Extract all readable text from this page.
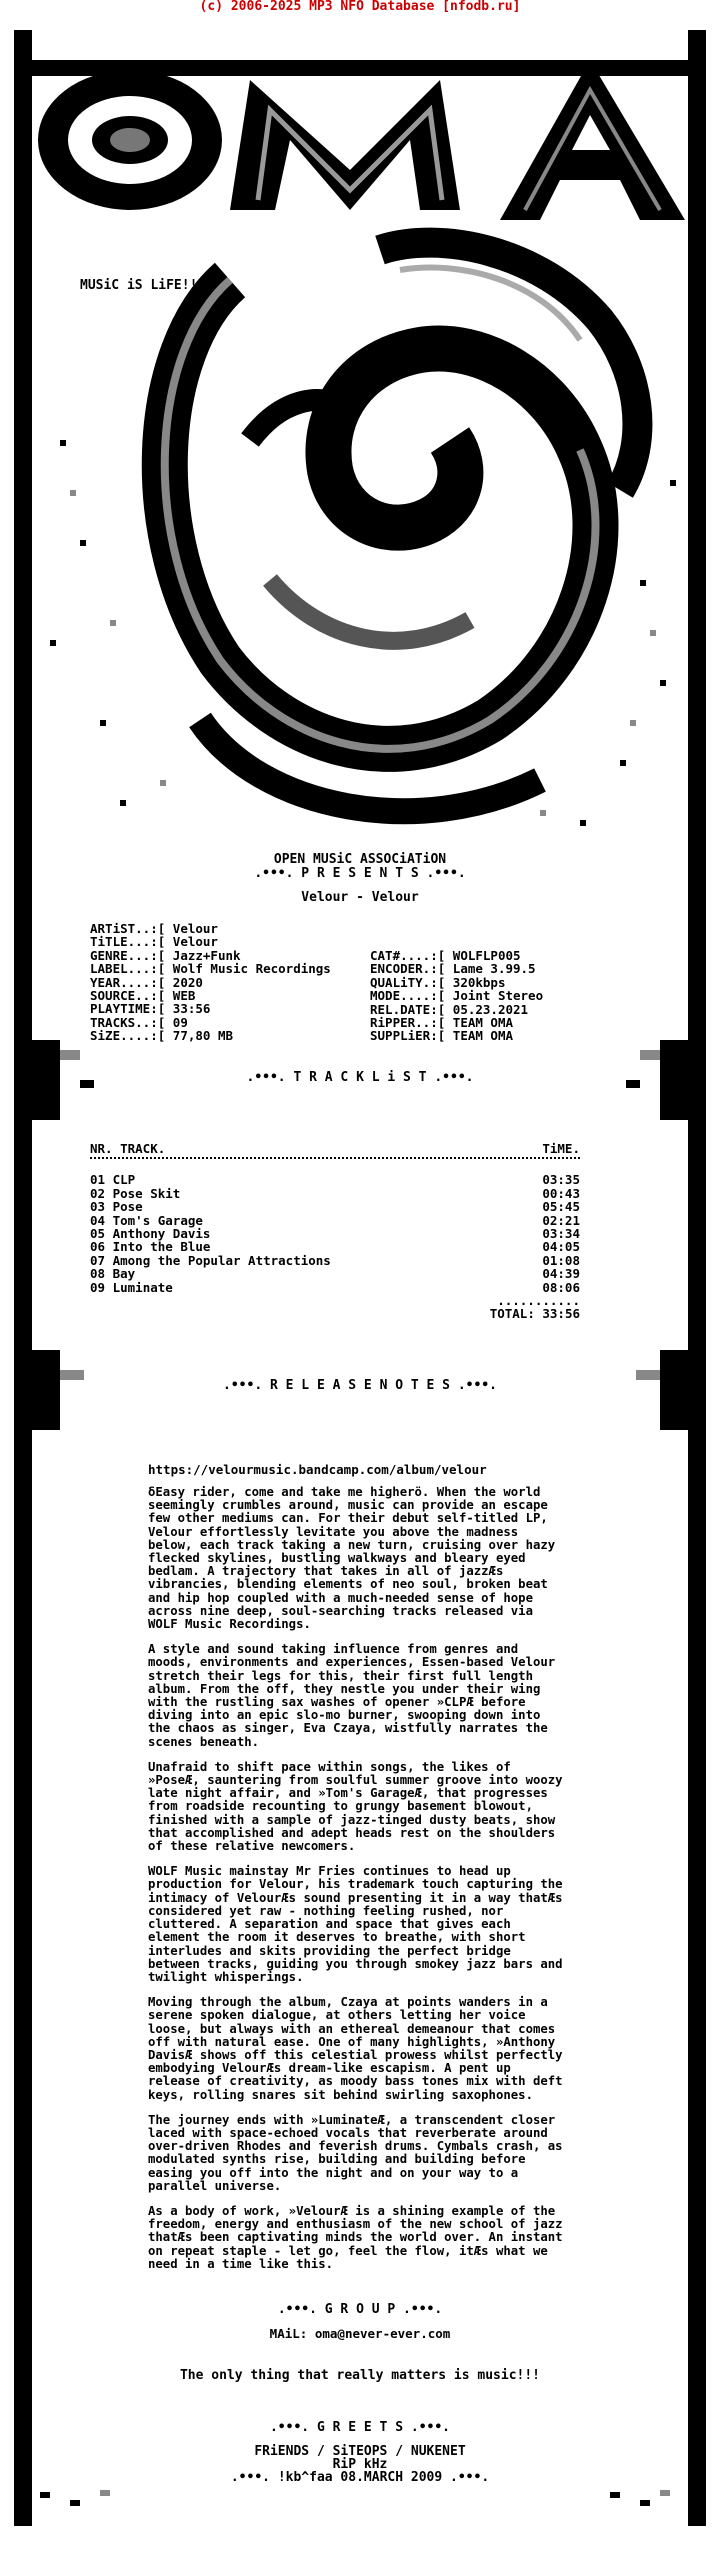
(c) 2006-2025 MP3 NFO Database [nfodb.ru]
MUSiC iS LiFE!!!
OPEN MUSiC ASSOCiATiON
.•••. P R E S E N T S .•••.
Velour - Velour
ARTiST..:[ Velour
TiTLE...:[ Velour
GENRE...:[ Jazz+Funk
LABEL...:[ Wolf Music Recordings
YEAR....:[ 2020
SOURCE..:[ WEB
PLAYTIME:[ 33:56
TRACKS..:[ 09
SiZE....:[ 77,80 MB
CAT#....:[ WOLFLP005
ENCODER.:[ Lame 3.99.5
QUALiTY.:[ 320kbps
MODE....:[ Joint Stereo
REL.DATE:[ 05.23.2021
RiPPER..:[ TEAM OMA
SUPPLiER:[ TEAM OMA
.•••. T R A C K L i S T .•••.
NR. TRACK.	TiME.
01 CLP	03:35
02 Pose Skit	00:43
03 Pose	05:45
04 Tom's Garage	02:21
05 Anthony Davis	03:34
06 Into the Blue	04:05
07 Among the Popular Attractions	01:08
08 Bay	04:39
09 Luminate	08:06
...........
TOTAL: 33:56
.•••. R E L E A S E N O T E S .•••.
https://velourmusic.bandcamp.com/album/velour

δEasy rider, come and take me higherö. When the world seemingly crumbles around, music can provide an escape few other mediums can. For their debut self-titled LP, Velour effortlessly levitate you above the madness below, each track taking a new turn, cruising over hazy flecked skylines, bustling walkways and bleary eyed bedlam. A trajectory that takes in all of jazzÆs vibrancies, blending elements of neo soul, broken beat and hip hop coupled with a much-needed sense of hope across nine deep, soul-searching tracks released via WOLF Music Recordings.

A style and sound taking influence from genres and moods, environments and experiences, Essen-based Velour stretch their legs for this, their first full length album. From the off, they nestle you under their wing with the rustling sax washes of opener »CLPÆ before diving into an epic slo-mo burner, swooping down into the chaos as singer, Eva Czaya, wistfully narrates the scenes beneath.

Unafraid to shift pace within songs, the likes of »PoseÆ, sauntering from soulful summer groove into woozy late night affair, and »Tom's GarageÆ, that progresses from roadside recounting to grungy basement blowout, finished with a sample of jazz-tinged dusty beats, show that accomplished and adept heads rest on the shoulders of these relative newcomers.

WOLF Music mainstay Mr Fries continues to head up production for Velour, his trademark touch capturing the intimacy of VelourÆs sound presenting it in a way thatÆs considered yet raw - nothing feeling rushed, nor cluttered. A separation and space that gives each element the room it deserves to breathe, with short interludes and skits providing the perfect bridge between tracks, guiding you through smokey jazz bars and twilight whisperings.

Moving through the album, Czaya at points wanders in a serene spoken dialogue, at others letting her voice loose, but always with an ethereal demeanour that comes off with natural ease. One of many highlights, »Anthony DavisÆ shows off this celestial prowess whilst perfectly embodying VelourÆs dream-like escapism. A pent up release of creativity, as moody bass tones mix with deft keys, rolling snares sit behind swirling saxophones.

The journey ends with »LuminateÆ, a transcendent closer laced with space-echoed vocals that reverberate around over-driven Rhodes and feverish drums. Cymbals crash, as modulated synths rise, building and building before easing you off into the night and on your way to a parallel universe.

As a body of work, »VelourÆ is a shining example of the freedom, energy and enthusiasm of the new school of jazz thatÆs been captivating minds the world over. An instant on repeat staple - let go, feel the flow, itÆs what we need in a time like this.

.•••. G R O U P .•••.
MAiL: oma@never-ever.com
The only thing that really matters is music!!!
.•••. G R E E T S .•••.
FRiENDS / SiTEOPS / NUKENET
RiP kHz
.•••. !kb^faa 08.MARCH 2009 .•••.
